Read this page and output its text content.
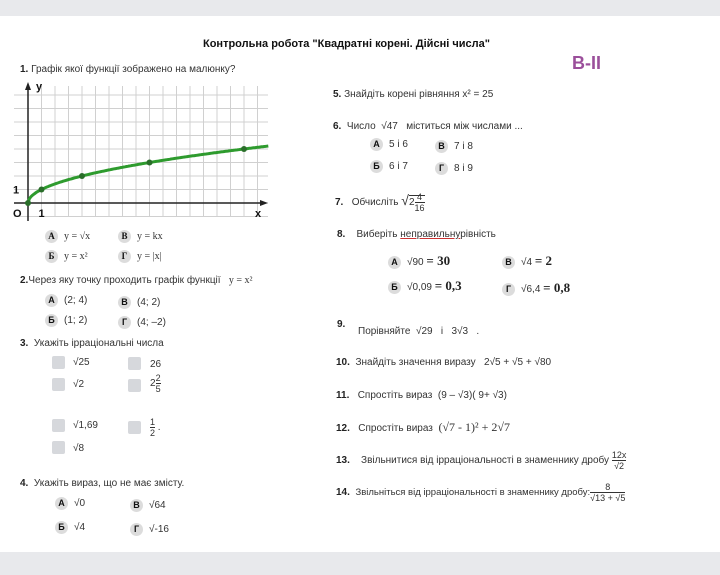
Контрольна робота "Квадратні корені. Дійсні числа"
В-ІІ
1. Графік якої функції зображено на малюнку?
y
x
O 1
1
2.Через яку точку проходить графік функції y = x²
3. Укажіть ірраціональні числа
√25	26
√2	$2 \frac{2}{5}$
√1,69	$\frac{1}{2}$ .
√8
4. Укажіть вираз, що не має змісту.
5. Знайдіть корені рівняння x² = 25
6. Число √47 міститься між числами ...
7. Обчисліть $√2 \frac{4}{16}$
8. Виберіть неправильнурівність
9.
Порівняйте √29   і   3√3   .
10. Знайдіть значення виразу 2√5 + √5 + √80
11. Спростіть вираз (9 – √3)( 9+ √3)
12. Спростіть вираз (√7 - 1)² + 2√7
13. Звільнитися від ірраціональності в знаменнику дробу $\frac{12x}{√2}$
14. Звільніться від ірраціональності в знаменнику дробу: $\frac{8}{√13 + √5}$
А y = √x	В y = kx
Б y = x²	Г y = |x|
А (2; 4)	В (4; 2)
Б (1; 2)	Г (4; –2)
А √0	В √64
Б √4	Г √-16
А 5 і 6	В 7 і 8
Б 6 і 7	Г 8 і 9
А √90 = 30	В √4 = 2
Б √0,09 = 0,3	Г √6,4 = 0,8
